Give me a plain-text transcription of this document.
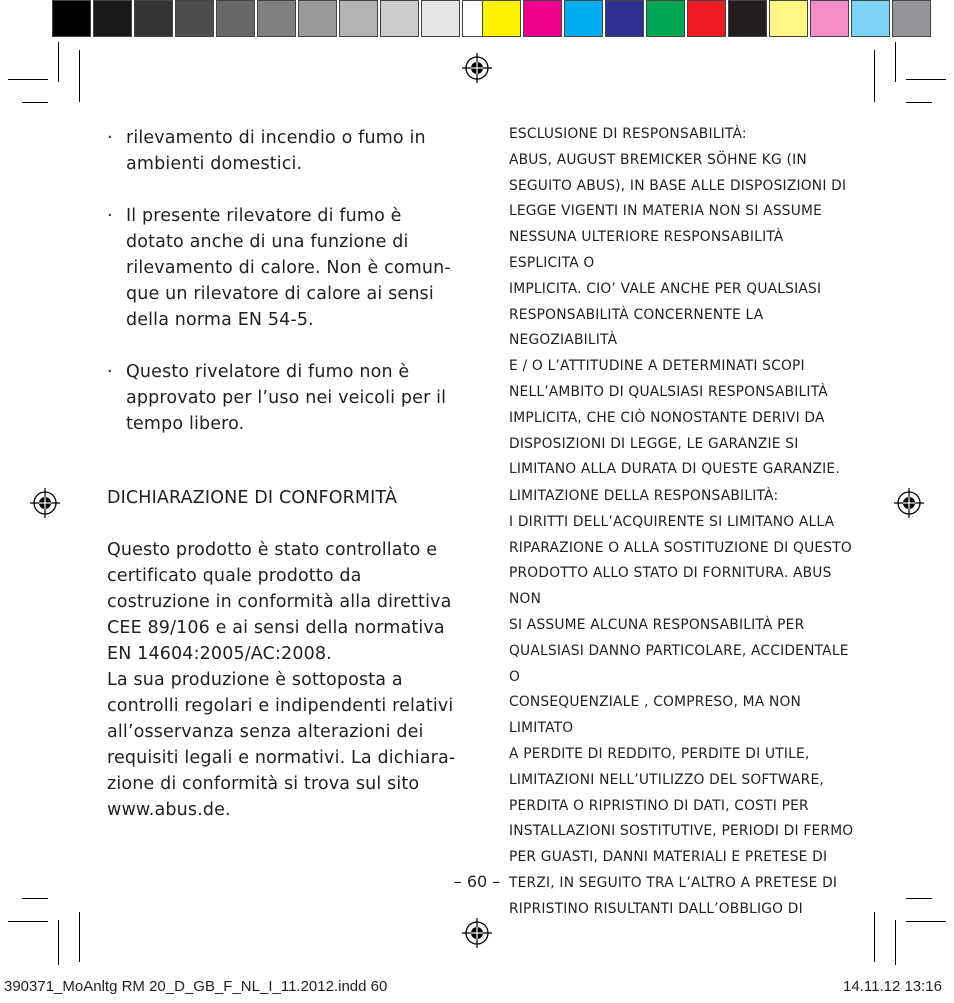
· rilevamento di incendio o fumo in
ambienti domestici.
· Il presente rilevatore di fumo è
dotato anche di una funzione di
rilevamento di calore. Non è comun-
que un rilevatore di calore ai sensi
della norma EN 54-5.
· Questo rivelatore di fumo non è
approvato per l’uso nei veicoli per il
tempo libero.

DICHIARAZIONE DI CONFORMITÀ

Questo prodotto è stato controllato e

certificato quale prodotto da

costruzione in conformità alla direttiva

CEE 89/106 e ai sensi della normativa

EN 14604:2005/AC:2008.

La sua produzione è sottoposta a

controlli regolari e indipendenti relativi

all’osservanza senza alterazioni dei

requisiti legali e normativi. La dichiara-

zione di conformità si trova sul sito

www.abus.de.

ESCLUSIONE DI RESPONSABILITÀ:

ABUS, AUGUST BREMICKER SÖHNE KG (IN

SEGUITO ABUS), IN BASE ALLE DISPOSIZIONI DI

LEGGE VIGENTI IN MATERIA NON SI ASSUME

NESSUNA ULTERIORE RESPONSABILITÀ ESPLICITA O

IMPLICITA. CIO’ VALE ANCHE PER QUALSIASI

RESPONSABILITÀ CONCERNENTE LA NEGOZIABILITÀ

E / O L’ATTITUDINE A DETERMINATI SCOPI

NELL’AMBITO DI QUALSIASI RESPONSABILITÀ

IMPLICITA, CHE CIÒ NONOSTANTE DERIVI DA

DISPOSIZIONI DI LEGGE, LE GARANZIE SI

LIMITANO ALLA DURATA DI QUESTE GARANZIE.

LIMITAZIONE DELLA RESPONSABILITÀ:

I DIRITTI DELL’ACQUIRENTE SI LIMITANO ALLA

RIPARAZIONE O ALLA SOSTITUZIONE DI QUESTO

PRODOTTO ALLO STATO DI FORNITURA. ABUS NON

SI ASSUME ALCUNA RESPONSABILITÀ PER

QUALSIASI DANNO PARTICOLARE, ACCIDENTALE O

CONSEQUENZIALE , COMPRESO, MA NON LIMITATO

A PERDITE DI REDDITO, PERDITE DI UTILE,

LIMITAZIONI NELL’UTILIZZO DEL SOFTWARE,

PERDITA O RIPRISTINO DI DATI, COSTI PER

INSTALLAZIONI SOSTITUTIVE, PERIODI DI FERMO

PER GUASTI, DANNI MATERIALI E PRETESE DI

TERZI, IN SEGUITO TRA L’ALTRO A PRETESE DI

RIPRISTINO RISULTANTI DALL’OBBLIGO DI

– 60 –
390371_MoAnltg RM 20_D_GB_F_NL_I_11.2012.indd 60	14.11.12 13:16
